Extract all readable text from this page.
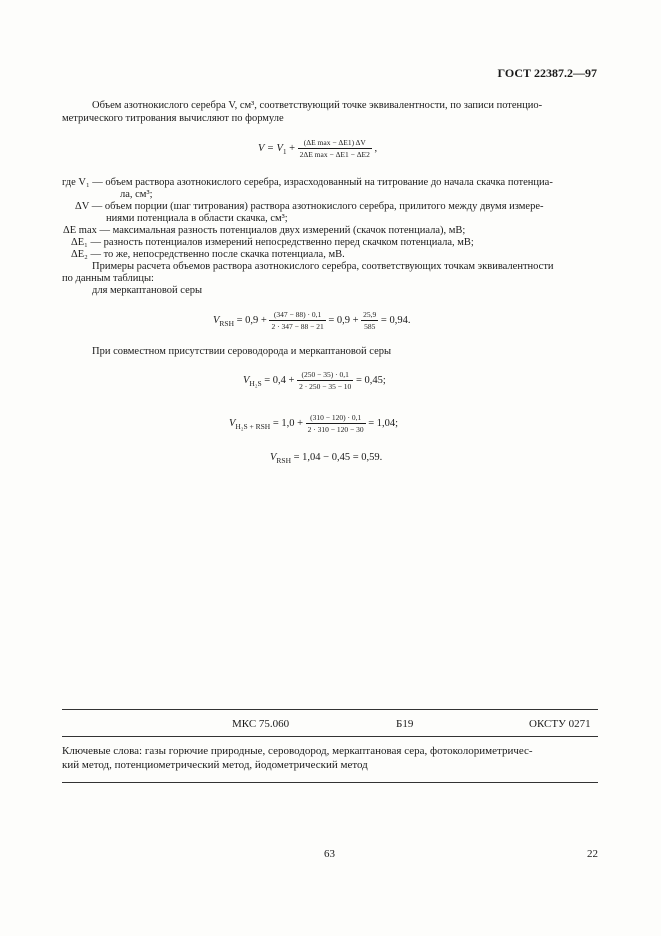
ГОСТ 22387.2—97
Объем азотнокислого серебра V, см³, соответствующий точке эквивалентности, по записи потенцио-
метрического титрования вычисляют по формуле
$V = V_1 + \frac{\text{(ΔE max − ΔE1) ΔV}}{\text{2ΔE max − ΔE1 − ΔE2}}$ ,
где V₁ — объем раствора азотнокислого серебра, израсходованный на титрование до начала скачка потенциа-
ла, см³;
ΔV — объем порции (шаг титрования) раствора азотнокислого серебра, прилитого между двумя измере-
ниями потенциала в области скачка, см³;
ΔE max — максимальная разность потенциалов двух измерений (скачок потенциала), мВ;
ΔE₁ — разность потенциалов измерений непосредственно перед скачком потенциала, мВ;
ΔE₂ — то же, непосредственно после скачка потенциала, мВ.
Примеры расчета объемов раствора азотнокислого серебра, соответствующих точкам эквивалентности
по данным таблицы:
для меркаптановой серы
$V_{RSH} = 0,9 + \frac{(347 - 88) \cdot 0,1}{2 \cdot 347 - 88 - 21} = 0,9 + \frac{25,9}{585} = 0,94$.
При совместном присутствии сероводорода и меркаптановой серы
$V_{H_2S} = 0,4 + \frac{(250 - 35) \cdot 0,1}{2 \cdot 250 - 35 - 10} = 0,45$;
$V_{H_2S + RSH} = 1,0 + \frac{(310 - 120) \cdot 0,1}{2 \cdot 310 - 120 - 30} = 1,04$;
$V_{RSH} = 1,04 - 0,45 = 0,59$.
МКС 75.060	Б19	ОКСТУ 0271
Ключевые слова: газы горючие природные, сероводород, меркаптановая сера, фотоколориметричес-
кий метод, потенциометрический метод, йодометрический метод
63	22
